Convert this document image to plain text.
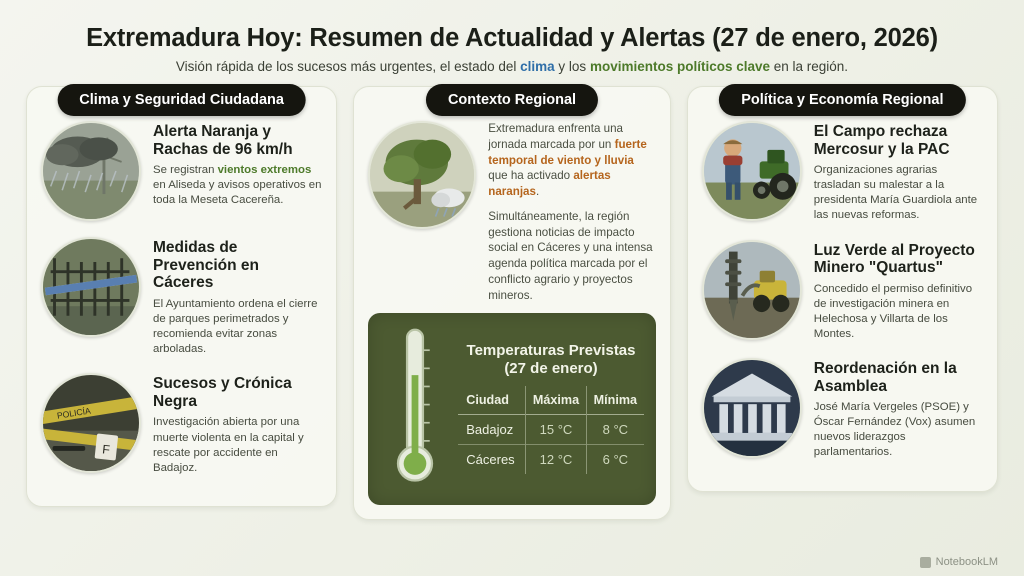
Extremadura Hoy: Resumen de Actualidad y Alertas (27 de enero, 2026)
Visión rápida de los sucesos más urgentes, el estado del clima y los movimientos políticos clave en la región.
Clima y Seguridad Ciudadana
Alerta Naranja y Rachas de 96 km/h
Se registran vientos extremos en Aliseda y avisos operativos en toda la Meseta Cacereña.
Medidas de Prevención en Cáceres
El Ayuntamiento ordena el cierre de parques perimetrados y recomienda evitar zonas arboladas.
POLICÍA
F
Sucesos y Crónica Negra
Investigación abierta por una muerte violenta en la capital y rescate por accidente en Badajoz.
Contexto Regional
Extremadura enfrenta una jornada marcada por un fuerte temporal de viento y lluvia que ha activado alertas naranjas.
Simultáneamente, la región gestiona noticias de impacto social en Cáceres y una intensa agenda política marcada por el conflicto agrario y proyectos mineros.
Temperaturas Previstas
(27 de enero)
Ciudad	Máxima	Mínima
Badajoz	15 °C	8 °C
Cáceres	12 °C	6 °C
Política y Economía Regional
El Campo rechaza Mercosur y la PAC
Organizaciones agrarias trasladan su malestar a la presidenta María Guardiola ante las nuevas reformas.
Luz Verde al Proyecto Minero "Quartus"
Concedido el permiso definitivo de investigación minera en Helechosa y Villarta de los Montes.
Reordenación en la Asamblea
José María Vergeles (PSOE) y Óscar Fernández (Vox) asumen nuevos liderazgos parlamentarios.
NotebookLM
